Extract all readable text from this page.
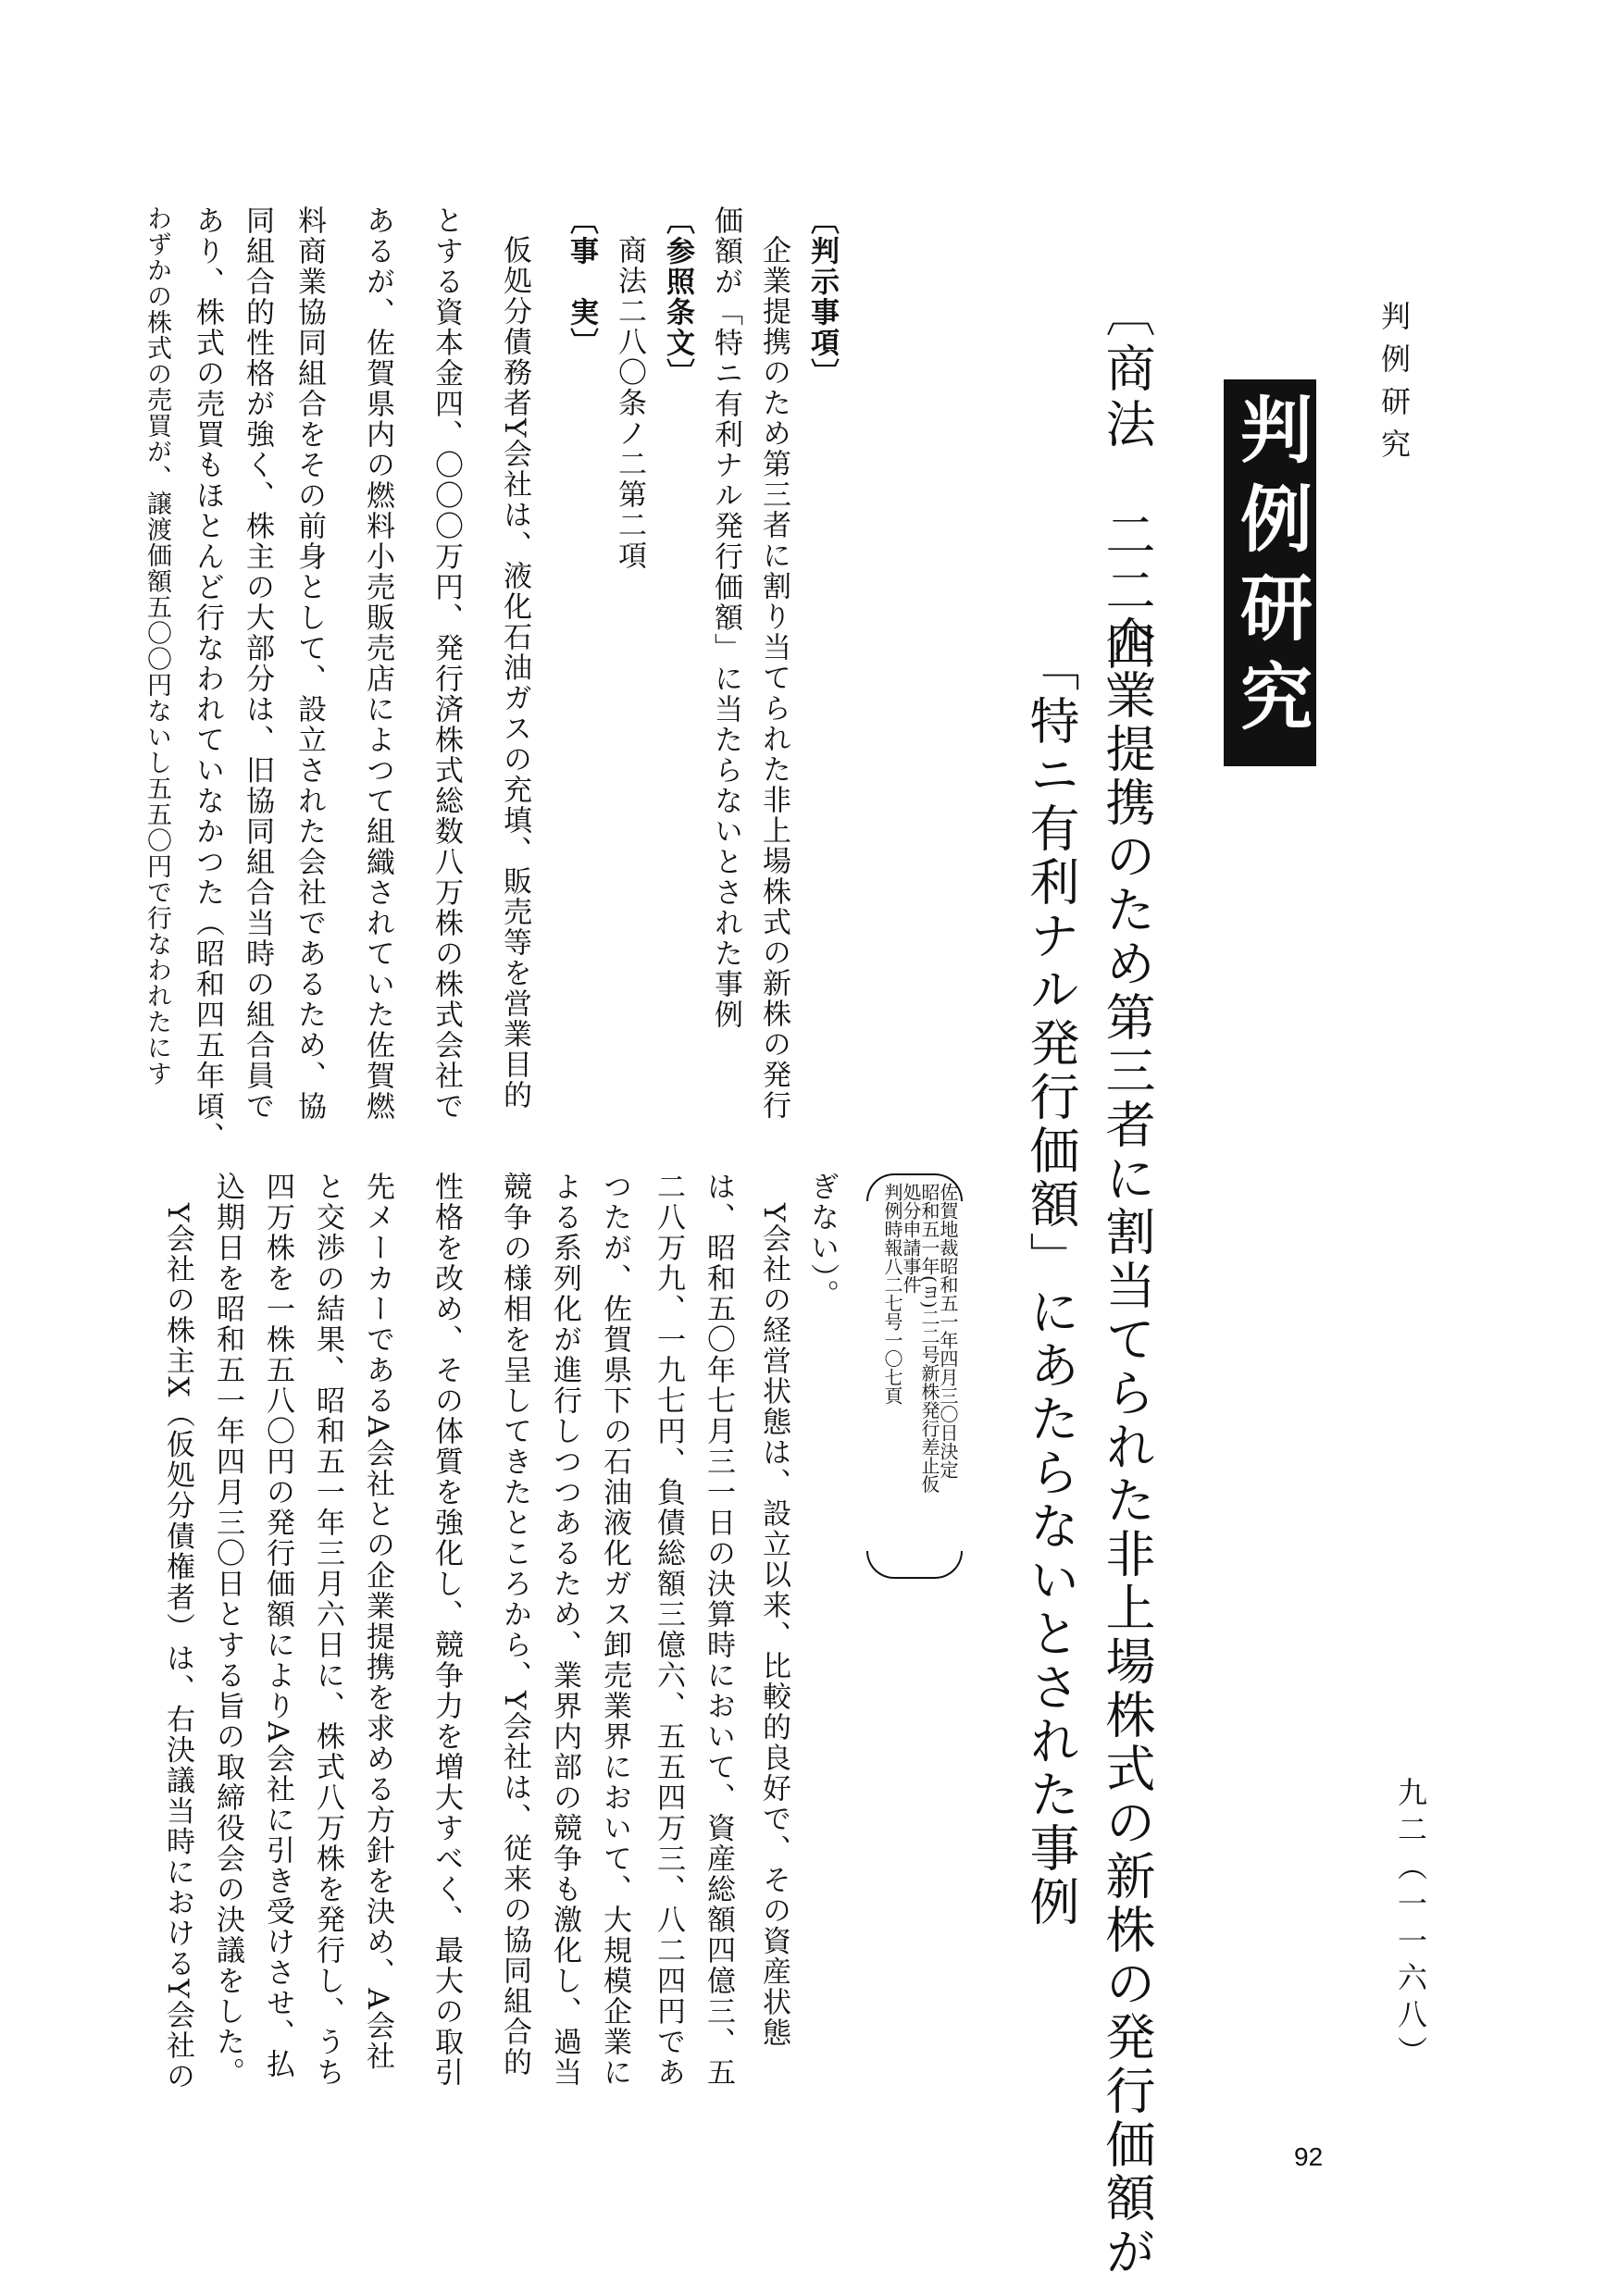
判例研究
判例研究
〔商法　二二四〕
企業提携のため第三者に割当てられた非上場株式の新株の発行価額が
「特ニ有利ナル発行価額」にあたらないとされた事例
〔判示事項〕
企業提携のため第三者に割り当てられた非上場株式の新株の発行
価額が「特ニ有利ナル発行価額」に当たらないとされた事例
〔参照条文〕
商法二八〇条ノ二第二項
〔事　実〕
仮処分債務者Y会社は、液化石油ガスの充填、販売等を営業目的
とする資本金四、〇〇〇万円、発行済株式総数八万株の株式会社で
あるが、佐賀県内の燃料小売販売店によつて組織されていた佐賀燃
料商業協同組合をその前身として、設立された会社であるため、協
同組合的性格が強く、株主の大部分は、旧協同組合当時の組合員で
あり、株式の売買もほとんど行なわれていなかつた（昭和四五年頃、
わずかの株式の売買が、譲渡価額五〇〇円ないし五五〇円で行なわれたにす
佐賀地裁昭和五一年四月三〇日決定
昭和五一年(ヨ)二二号新株発行差止仮
処分申請事件
判例時報八二七号一〇七頁
ぎない）。
Y会社の経営状態は、設立以来、比較的良好で、その資産状態
は、昭和五〇年七月三一日の決算時において、資産総額四億三、五
二八万九、一九七円、負債総額三億六、五五四万三、八二四円であ
つたが、佐賀県下の石油液化ガス卸売業界において、大規模企業に
よる系列化が進行しつつあるため、業界内部の競争も激化し、過当
競争の様相を呈してきたところから、Y会社は、従来の協同組合的
性格を改め、その体質を強化し、競争力を増大すべく、最大の取引
先メーカーであるA会社との企業提携を求める方針を決め、A会社
と交渉の結果、昭和五一年三月六日に、株式八万株を発行し、うち
四万株を一株五八〇円の発行価額によりA会社に引き受けさせ、払
込期日を昭和五一年四月三〇日とする旨の取締役会の決議をした。
Y会社の株主X（仮処分債権者）は、右決議当時におけるY会社の	九二（一一六八）
92
